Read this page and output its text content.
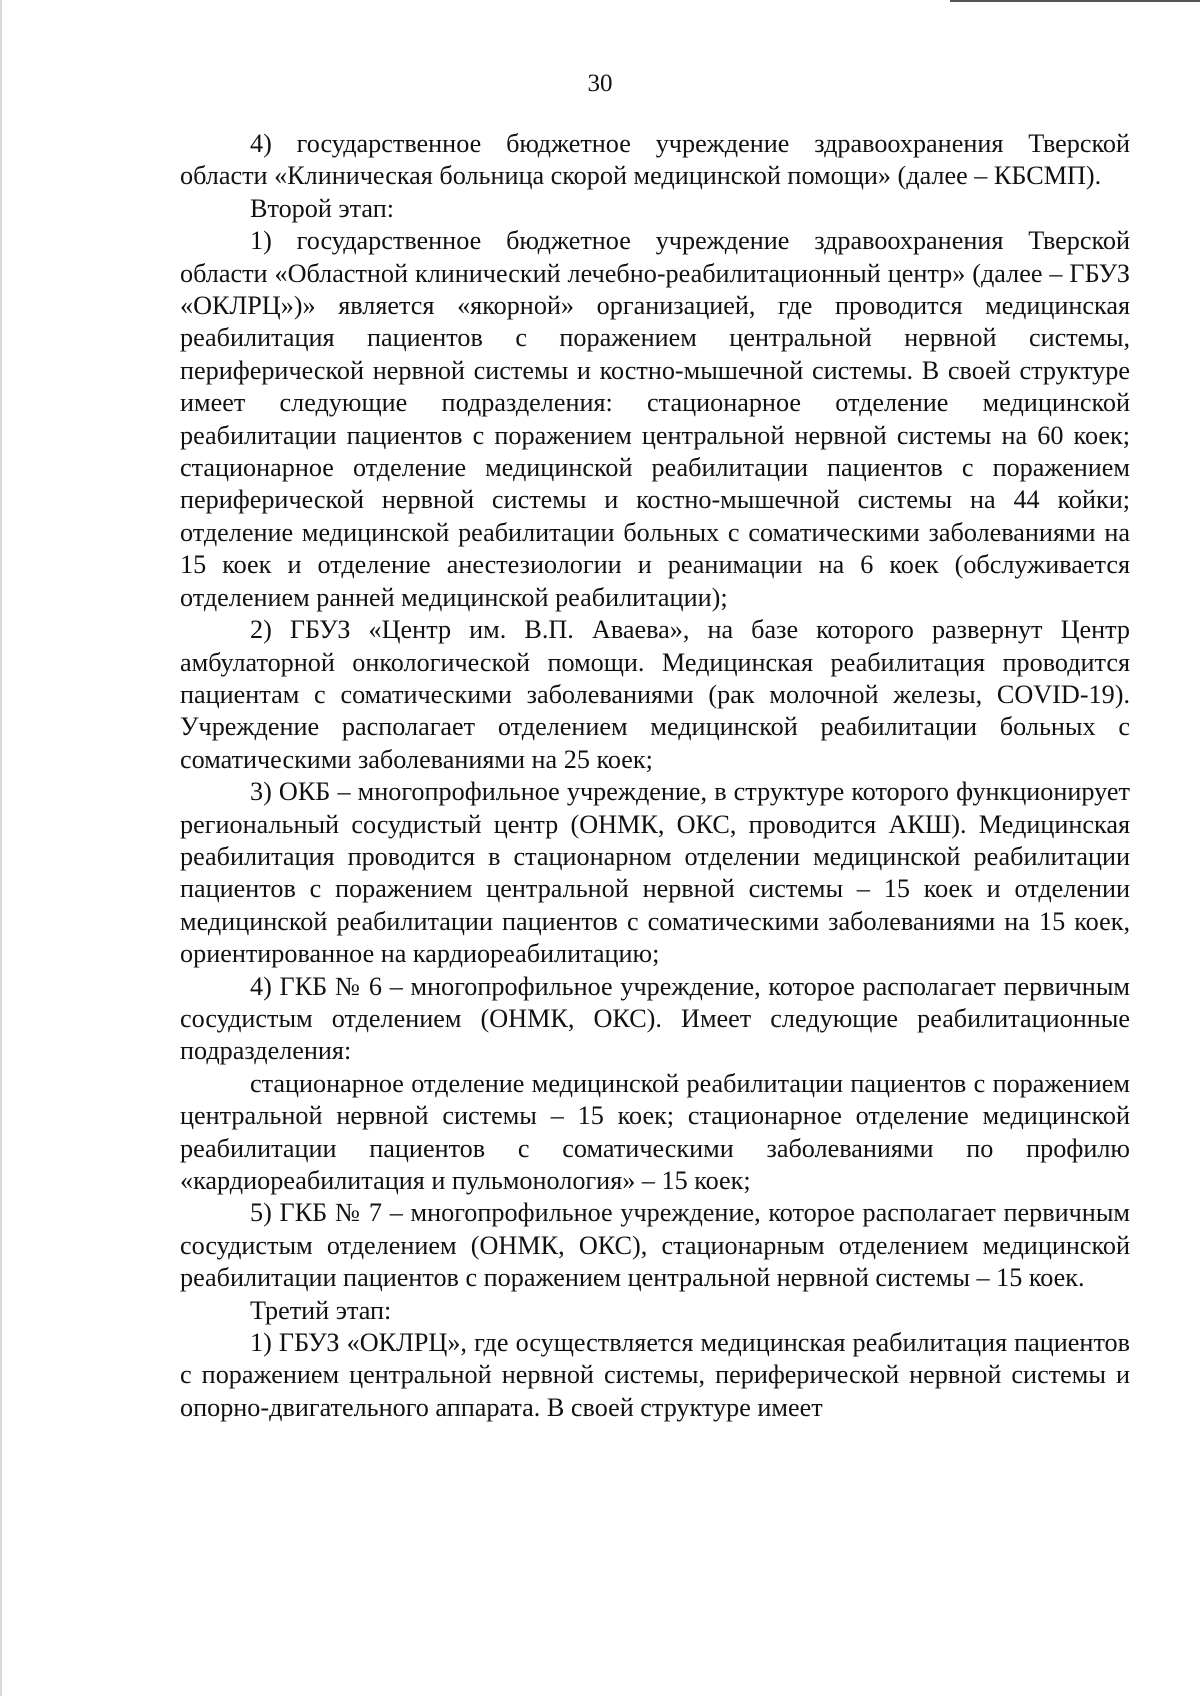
30

4) государственное бюджетное учреждение здравоохранения Тверской области «Клиническая больница скорой медицинской помощи» (далее – КБСМП).

Второй этап:

1) государственное бюджетное учреждение здравоохранения Тверской области «Областной клинический лечебно-реабилитационный центр» (далее – ГБУЗ «ОКЛРЦ»)» является «якорной» организацией, где проводится медицинская реабилитация пациентов с поражением центральной нервной системы, периферической нервной системы и костно-мышечной системы. В своей структуре имеет следующие подразделения: стационарное отделение медицинской реабилитации пациентов с поражением центральной нервной системы на 60 коек; стационарное отделение медицинской реабилитации пациентов с поражением периферической нервной системы и костно-мышечной системы на 44 койки; отделение медицинской реабилитации больных с соматическими заболеваниями на 15 коек и отделение анестезиологии и реанимации на 6 коек (обслуживается отделением ранней медицинской реабилитации);

2) ГБУЗ «Центр им. В.П. Аваева», на базе которого развернут Центр амбулаторной онкологической помощи. Медицинская реабилитация проводится пациентам с соматическими заболеваниями (рак молочной железы, COVID-19). Учреждение располагает отделением медицинской реабилитации больных с соматическими заболеваниями на 25 коек;

3) ОКБ – многопрофильное учреждение, в структуре которого функционирует региональный сосудистый центр (ОНМК, ОКС, проводится АКШ). Медицинская реабилитация проводится в стационарном отделении медицинской реабилитации пациентов с поражением центральной нервной системы – 15 коек и отделении медицинской реабилитации пациентов с соматическими заболеваниями на 15 коек, ориентированное на кардиореабилитацию;

4) ГКБ № 6 – многопрофильное учреждение, которое располагает первичным сосудистым отделением (ОНМК, ОКС). Имеет следующие реабилитационные подразделения:

стационарное отделение медицинской реабилитации пациентов с поражением центральной нервной системы – 15 коек; стационарное отделение медицинской реабилитации пациентов с соматическими заболеваниями по профилю «кардиореабилитация и пульмонология» – 15 коек;

5) ГКБ № 7 – многопрофильное учреждение, которое располагает первичным сосудистым отделением (ОНМК, ОКС), стационарным отделением медицинской реабилитации пациентов с поражением центральной нервной системы – 15 коек.

Третий этап:

1) ГБУЗ «ОКЛРЦ», где осуществляется медицинская реабилитация пациентов с поражением центральной нервной системы, периферической нервной системы и опорно-двигательного аппарата. В своей структуре имеет
